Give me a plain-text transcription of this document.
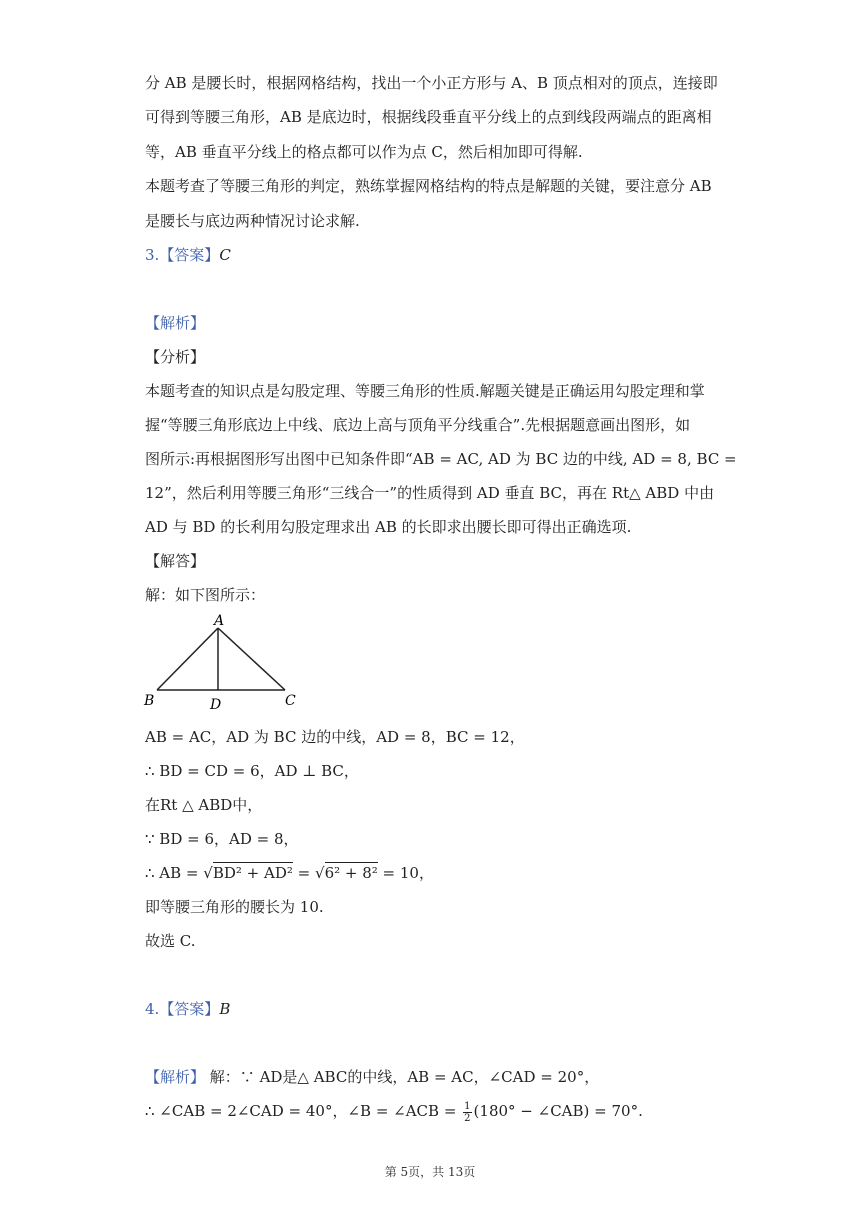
分 AB 是腰长时，根据网格结构，找出一个小正方形与 A、B 顶点相对的顶点，连接即
可得到等腰三角形，AB 是底边时，根据线段垂直平分线上的点到线段两端点的距离相
等，AB 垂直平分线上的格点都可以作为点 C，然后相加即可得解.
本题考查了等腰三角形的判定，熟练掌握网格结构的特点是解题的关键，要注意分 AB
是腰长与底边两种情况讨论求解.
3.【答案】C
【解析】
【分析】
本题考查的知识点是勾股定理、等腰三角形的性质.解题关键是正确运用勾股定理和掌
握“等腰三角形底边上中线、底边上高与顶角平分线重合”.先根据题意画出图形，如
图所示:再根据图形写出图中已知条件即“AB = AC, AD 为 BC 边的中线, AD = 8, BC =
12”，然后利用等腰三角形“三线合一”的性质得到 AD 垂直 BC，再在 Rt△ ABD 中由
AD 与 BD 的长利用勾股定理求出 AB 的长即求出腰长即可得出正确选项.
【解答】
解：如下图所示：
A
B	D	C
AB = AC，AD 为 BC 边的中线，AD = 8，BC = 12，
∴ BD = CD = 6，AD ⊥ BC，
在Rt △ ABD中，
∵ BD = 6，AD = 8，
∴ AB = √BD² + AD² = √6² + 8² = 10，
即等腰三角形的腰长为 10.
故选 C.
4.【答案】B
【解析】 解：∵ AD是△ ABC的中线，AB = AC，∠CAD = 20°，
∴ ∠CAB = 2∠CAD = 40°，∠B = ∠ACB = $\frac{1}{2} (180^\circ$ − ∠CAB) = 70°.
第 5页，共 13页
